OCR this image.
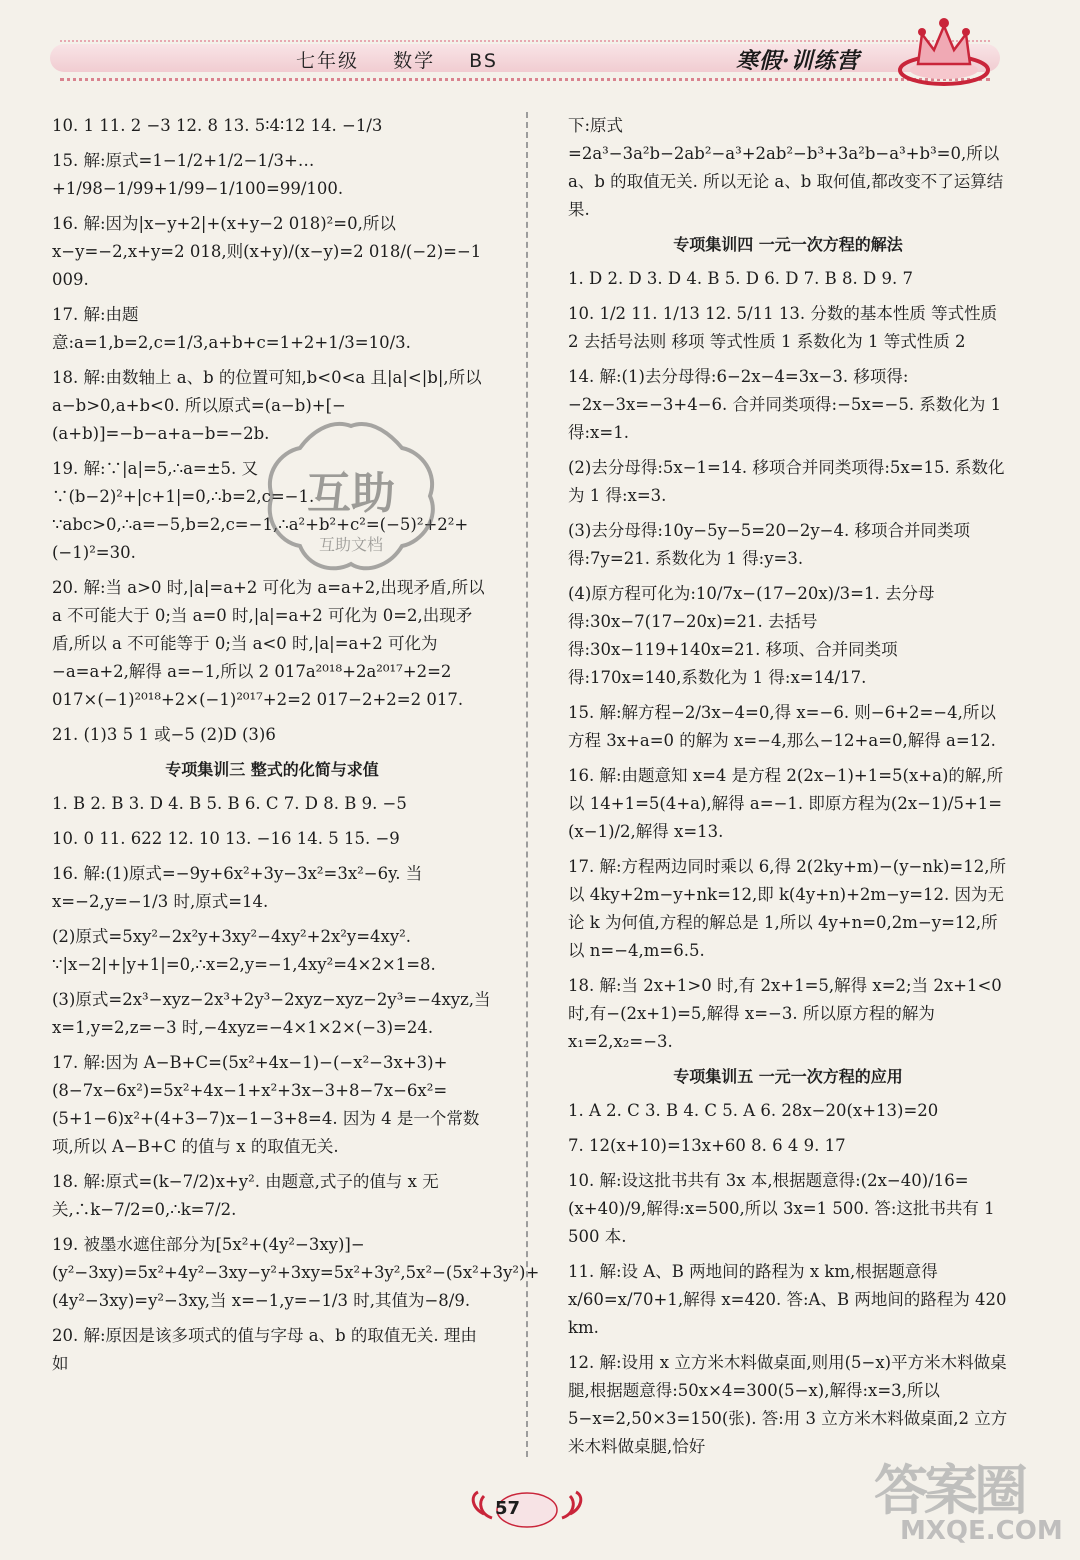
七年级 数学 BS	寒假·训练营
10. 1 11. 2 −3 12. 8 13. 5∶4∶12 14. −1/3
15. 解:原式=1−1/2+1/2−1/3+…+1/98−1/99+1/99−1/100=99/100.
16. 解:因为|x−y+2|+(x+y−2 018)²=0,所以 x−y=−2,x+y=2 018,则(x+y)/(x−y)=2 018/(−2)=−1 009.
17. 解:由题意:a=1,b=2,c=1/3,a+b+c=1+2+1/3=10/3.
18. 解:由数轴上 a、b 的位置可知,b<0<a 且|a|<|b|,所以 a−b>0,a+b<0. 所以原式=(a−b)+[−(a+b)]=−b−a+a−b=−2b.
19. 解:∵|a|=5,∴a=±5. 又∵(b−2)²+|c+1|=0,∴b=2,c=−1. ∵abc>0,∴a=−5,b=2,c=−1,∴a²+b²+c²=(−5)²+2²+(−1)²=30.
20. 解:当 a>0 时,|a|=a+2 可化为 a=a+2,出现矛盾,所以 a 不可能大于 0;当 a=0 时,|a|=a+2 可化为 0=2,出现矛盾,所以 a 不可能等于 0;当 a<0 时,|a|=a+2 可化为 −a=a+2,解得 a=−1,所以 2 017a²⁰¹⁸+2a²⁰¹⁷+2=2 017×(−1)²⁰¹⁸+2×(−1)²⁰¹⁷+2=2 017−2+2=2 017.
21. (1)3 5 1 或−5 (2)D (3)6
专项集训三 整式的化简与求值
1. B 2. B 3. D 4. B 5. B 6. C 7. D 8. B 9. −5
10. 0 11. 622 12. 10 13. −16 14. 5 15. −9
16. 解:(1)原式=−9y+6x²+3y−3x²=3x²−6y. 当 x=−2,y=−1/3 时,原式=14.
(2)原式=5xy²−2x²y+3xy²−4xy²+2x²y=4xy². ∵|x−2|+|y+1|=0,∴x=2,y=−1,4xy²=4×2×1=8.
(3)原式=2x³−xyz−2x³+2y³−2xyz−xyz−2y³=−4xyz,当 x=1,y=2,z=−3 时,−4xyz=−4×1×2×(−3)=24.
17. 解:因为 A−B+C=(5x²+4x−1)−(−x²−3x+3)+(8−7x−6x²)=5x²+4x−1+x²+3x−3+8−7x−6x²=(5+1−6)x²+(4+3−7)x−1−3+8=4. 因为 4 是一个常数项,所以 A−B+C 的值与 x 的取值无关.
18. 解:原式=(k−7/2)x+y². 由题意,式子的值与 x 无关,∴k−7/2=0,∴k=7/2.
19. 被墨水遮住部分为[5x²+(4y²−3xy)]−(y²−3xy)=5x²+4y²−3xy−y²+3xy=5x²+3y²,5x²−(5x²+3y²)+(4y²−3xy)=y²−3xy,当 x=−1,y=−1/3 时,其值为−8/9.
20. 解:原因是该多项式的值与字母 a、b 的取值无关. 理由如
下:原式=2a³−3a²b−2ab²−a³+2ab²−b³+3a²b−a³+b³=0,所以 a、b 的取值无关. 所以无论 a、b 取何值,都改变不了运算结果.
专项集训四 一元一次方程的解法
1. D 2. D 3. D 4. B 5. D 6. D 7. B 8. D 9. 7
10. 1/2 11. 1/13 12. 5/11 13. 分数的基本性质 等式性质 2 去括号法则 移项 等式性质 1 系数化为 1 等式性质 2
14. 解:(1)去分母得:6−2x−4=3x−3. 移项得:−2x−3x=−3+4−6. 合并同类项得:−5x=−5. 系数化为 1 得:x=1.
(2)去分母得:5x−1=14. 移项合并同类项得:5x=15. 系数化为 1 得:x=3.
(3)去分母得:10y−5y−5=20−2y−4. 移项合并同类项得:7y=21. 系数化为 1 得:y=3.
(4)原方程可化为:10/7x−(17−20x)/3=1. 去分母得:30x−7(17−20x)=21. 去括号得:30x−119+140x=21. 移项、合并同类项得:170x=140,系数化为 1 得:x=14/17.
15. 解:解方程−2/3x−4=0,得 x=−6. 则−6+2=−4,所以方程 3x+a=0 的解为 x=−4,那么−12+a=0,解得 a=12.
16. 解:由题意知 x=4 是方程 2(2x−1)+1=5(x+a)的解,所以 14+1=5(4+a),解得 a=−1. 即原方程为(2x−1)/5+1=(x−1)/2,解得 x=13.
17. 解:方程两边同时乘以 6,得 2(2ky+m)−(y−nk)=12,所以 4ky+2m−y+nk=12,即 k(4y+n)+2m−y=12. 因为无论 k 为何值,方程的解总是 1,所以 4y+n=0,2m−y=12,所以 n=−4,m=6.5.
18. 解:当 2x+1>0 时,有 2x+1=5,解得 x=2;当 2x+1<0 时,有−(2x+1)=5,解得 x=−3. 所以原方程的解为 x₁=2,x₂=−3.
专项集训五 一元一次方程的应用
1. A 2. C 3. B 4. C 5. A 6. 28x−20(x+13)=20
7. 12(x+10)=13x+60 8. 6 4 9. 17
10. 解:设这批书共有 3x 本,根据题意得:(2x−40)/16=(x+40)/9,解得:x=500,所以 3x=1 500. 答:这批书共有 1 500 本.
11. 解:设 A、B 两地间的路程为 x km,根据题意得 x/60=x/70+1,解得 x=420. 答:A、B 两地间的路程为 420 km.
12. 解:设用 x 立方米木料做桌面,则用(5−x)平方米木料做桌腿,根据题意得:50x×4=300(5−x),解得:x=3,所以 5−x=2,50×3=150(张). 答:用 3 立方米木料做桌面,2 立方米木料做桌腿,恰好
互助
互助文档
57	答案圈
MXQE.COM
